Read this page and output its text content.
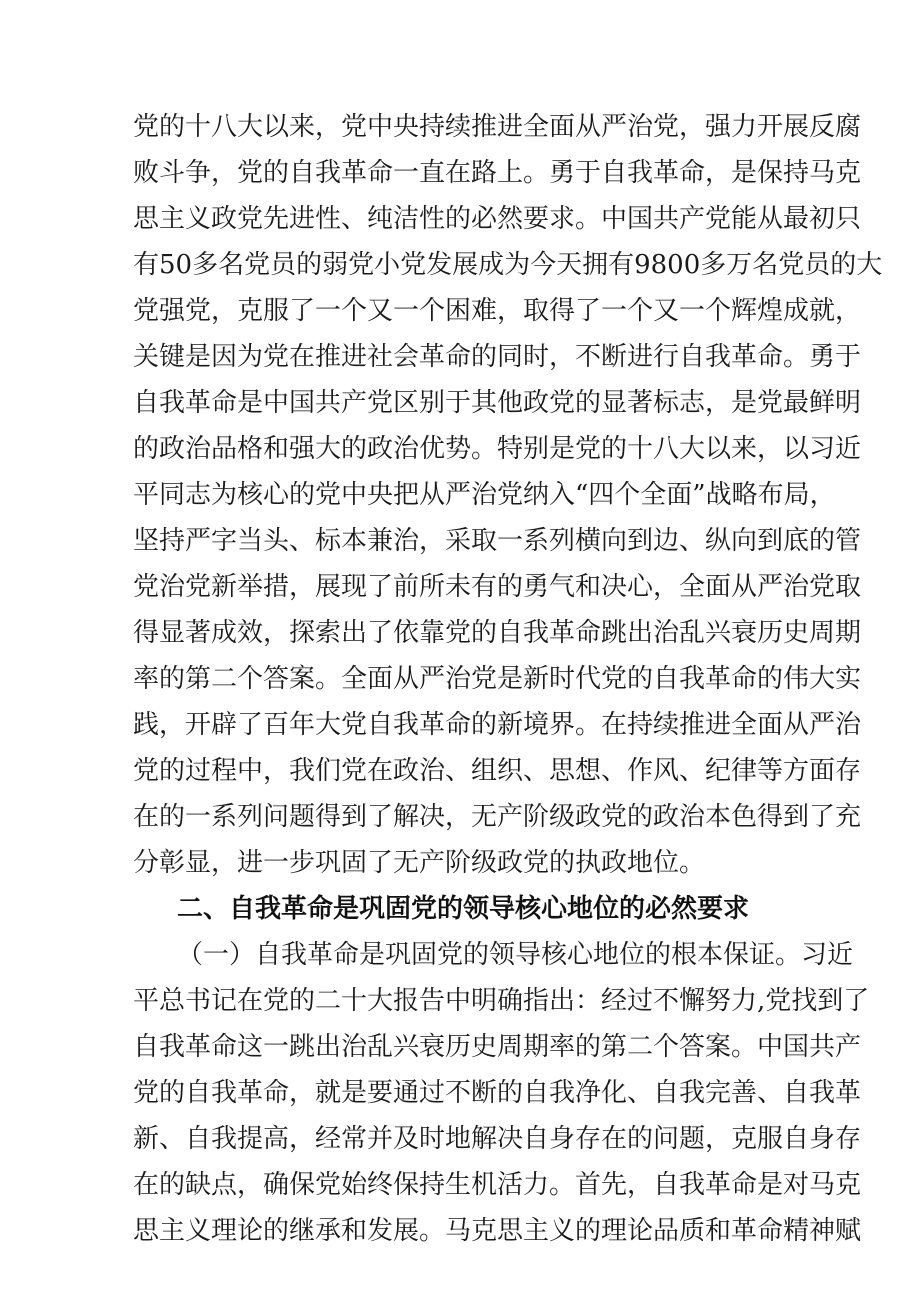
党的十八大以来，党中央持续推进全面从严治党，强力开展反腐
败斗争，党的自我革命一直在路上。勇于自我革命，是保持马克
思主义政党先进性、纯洁性的必然要求。中国共产党能从最初只
有50多名党员的弱党小党发展成为今天拥有9800多万名党员的大
党强党，克服了一个又一个困难，取得了一个又一个辉煌成就，
关键是因为党在推进社会革命的同时，不断进行自我革命。勇于
自我革命是中国共产党区别于其他政党的显著标志，是党最鲜明
的政治品格和强大的政治优势。特别是党的十八大以来，以习近
平同志为核心的党中央把从严治党纳入“四个全面”战略布局，
坚持严字当头、标本兼治，采取一系列横向到边、纵向到底的管
党治党新举措，展现了前所未有的勇气和决心，全面从严治党取
得显著成效，探索出了依靠党的自我革命跳出治乱兴衰历史周期
率的第二个答案。全面从严治党是新时代党的自我革命的伟大实
践，开辟了百年大党自我革命的新境界。在持续推进全面从严治
党的过程中，我们党在政治、组织、思想、作风、纪律等方面存
在的一系列问题得到了解决，无产阶级政党的政治本色得到了充
分彰显，进一步巩固了无产阶级政党的执政地位。
二、自我革命是巩固党的领导核心地位的必然要求
（一）自我革命是巩固党的领导核心地位的根本保证。习近
平总书记在党的二十大报告中明确指出：经过不懈努力,党找到了
自我革命这一跳出治乱兴衰历史周期率的第二个答案。中国共产
党的自我革命，就是要通过不断的自我净化、自我完善、自我革
新、自我提高，经常并及时地解决自身存在的问题，克服自身存
在的缺点，确保党始终保持生机活力。首先，自我革命是对马克
思主义理论的继承和发展。马克思主义的理论品质和革命精神赋
